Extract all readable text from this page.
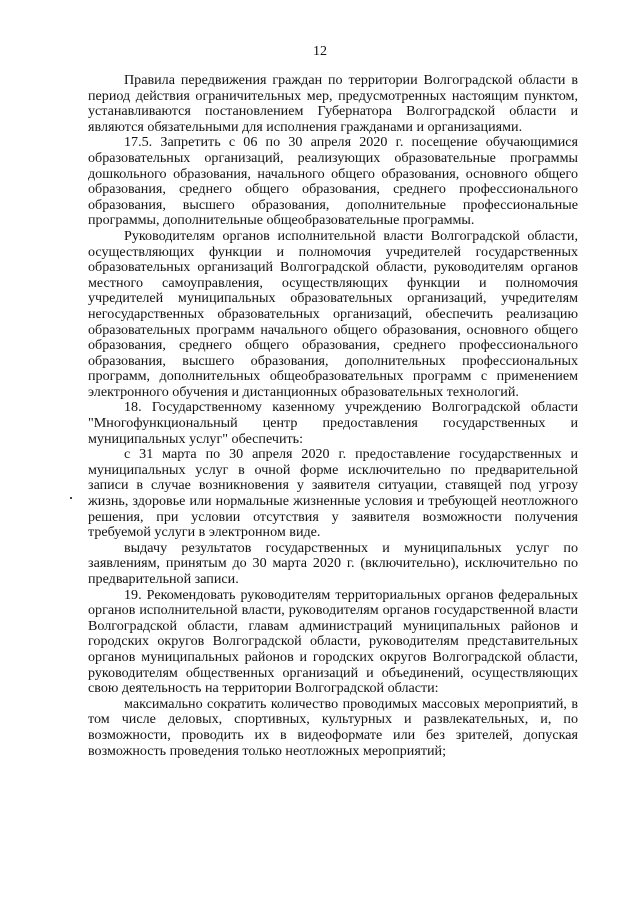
12

Правила передвижения граждан по территории Волгоградской области в период действия ограничительных мер, предусмотренных настоящим пунктом, устанавливаются постановлением Губернатора Волгоградской области и являются обязательными для исполнения гражданами и организациями.

17.5. Запретить с 06 по 30 апреля 2020 г. посещение обучающимися образовательных организаций, реализующих образовательные программы дошкольного образования, начального общего образования, основного общего образования, среднего общего образования, среднего профессионального образования, высшего образования, дополнительные профессиональные программы, дополнительные общеобразовательные программы.

Руководителям органов исполнительной власти Волгоградской области, осуществляющих функции и полномочия учредителей государственных образовательных организаций Волгоградской области, руководителям органов местного самоуправления, осуществляющих функции и полномочия учредителей муниципальных образовательных организаций, учредителям негосударственных образовательных организаций, обеспечить реализацию образовательных программ начального общего образования, основного общего образования, среднего общего образования, среднего профессионального образования, высшего образования, дополнительных профессиональных программ, дополнительных общеобразовательных программ с применением электронного обучения и дистанционных образовательных технологий.

18. Государственному казенному учреждению Волгоградской области "Многофункциональный центр предоставления государственных и муниципальных услуг" обеспечить:

с 31 марта по 30 апреля 2020 г. предоставление государственных и муниципальных услуг в очной форме исключительно по предварительной записи в случае возникновения у заявителя ситуации, ставящей под угрозу жизнь, здоровье или нормальные жизненные условия и требующей неотложного решения, при условии отсутствия у заявителя возможности получения требуемой услуги в электронном виде.

выдачу результатов государственных и муниципальных услуг по заявлениям, принятым до 30 марта 2020 г. (включительно), исключительно по предварительной записи.

19. Рекомендовать руководителям территориальных органов федеральных органов исполнительной власти, руководителям органов государственной власти Волгоградской области, главам администраций муниципальных районов и городских округов Волгоградской области, руководителям представительных органов муниципальных районов и городских округов Волгоградской области, руководителям общественных организаций и объединений, осуществляющих свою деятельность на территории Волгоградской области:

максимально сократить количество проводимых массовых мероприятий, в том числе деловых, спортивных, культурных и развлекательных, и, по возможности, проводить их в видеоформате или без зрителей, допуская возможность проведения только неотложных мероприятий;
